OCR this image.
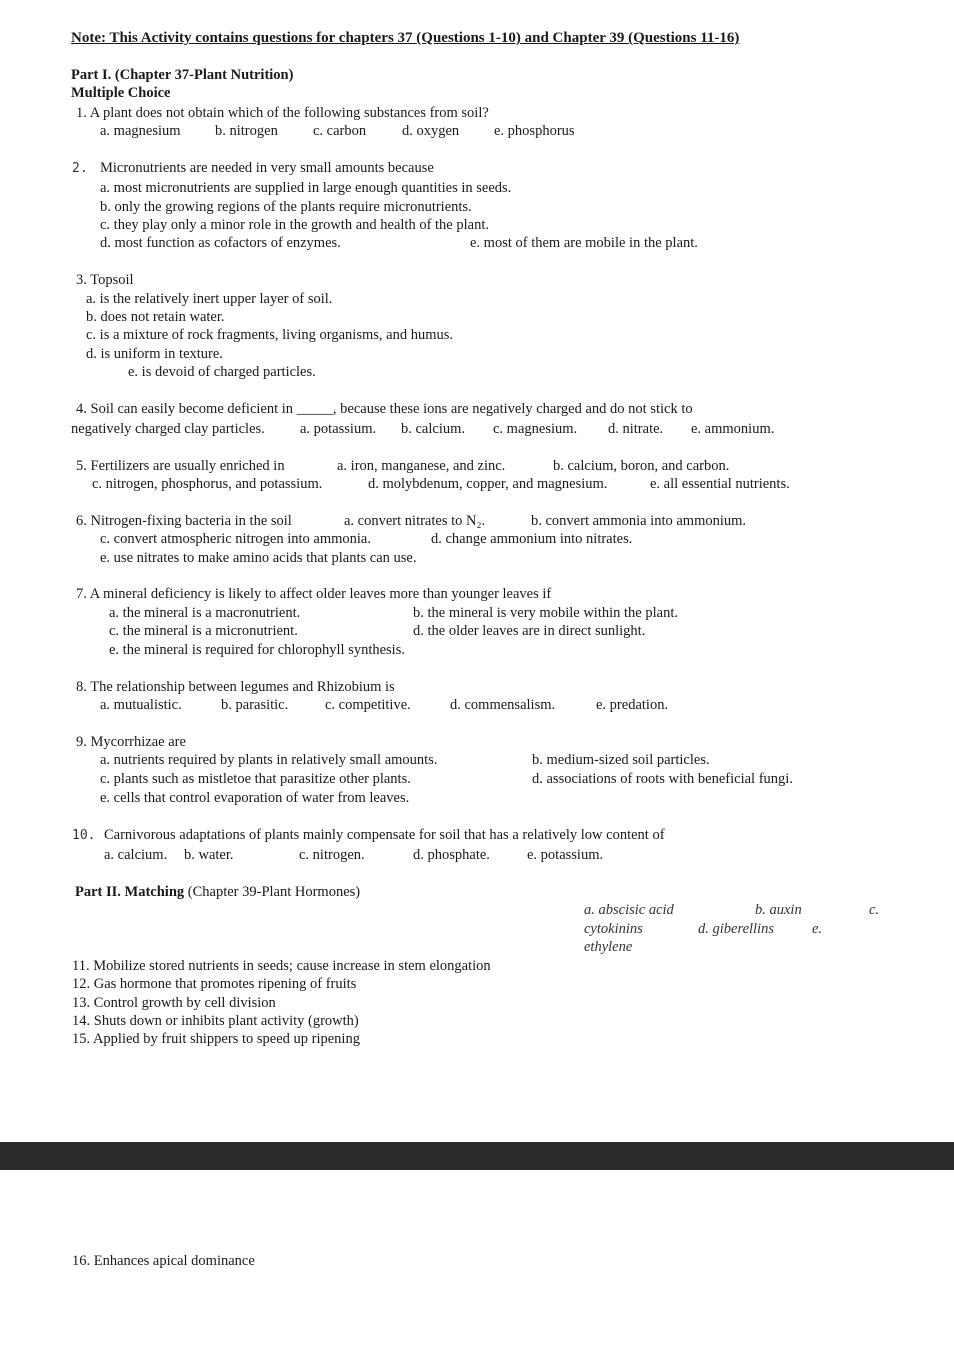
Note: This Activity contains questions for chapters 37 (Questions 1-10) and Chapter 39 (Questions 11-16)
Part I. (Chapter 37-Plant Nutrition)
Multiple Choice
1. A plant does not obtain which of the following substances from soil?
a. magnesium b. nitrogen c. carbon d. oxygen e. phosphorus
2. Micronutrients are needed in very small amounts because
a. most micronutrients are supplied in large enough quantities in seeds.
b. only the growing regions of the plants require micronutrients.
c. they play only a minor role in the growth and health of the plant.
d. most function as cofactors of enzymes.	e. most of them are mobile in the plant.
3. Topsoil
a. is the relatively inert upper layer of soil.
b. does not retain water.
c. is a mixture of rock fragments, living organisms, and humus.
d. is uniform in texture.
e. is devoid of charged particles.
4. Soil can easily become deficient in _____, because these ions are negatively charged and do not stick to
negatively charged clay particles. a. potassium. b. calcium. c. magnesium. d. nitrate. e. ammonium.
5. Fertilizers are usually enriched in	a. iron, manganese, and zinc.	b. calcium, boron, and carbon.
c. nitrogen, phosphorus, and potassium.	d. molybdenum, copper, and magnesium.	e. all essential nutrients.
6. Nitrogen-fixing bacteria in the soil	a. convert nitrates to N₂.	b. convert ammonia into ammonium.
c. convert atmospheric nitrogen into ammonia.	d. change ammonium into nitrates.
e. use nitrates to make amino acids that plants can use.
7. A mineral deficiency is likely to affect older leaves more than younger leaves if
a. the mineral is a macronutrient.	b. the mineral is very mobile within the plant.
c. the mineral is a micronutrient.	d. the older leaves are in direct sunlight.
e. the mineral is required for chlorophyll synthesis.
8. The relationship between legumes and Rhizobium is
a. mutualistic.	b. parasitic.	c. competitive.	d. commensalism.	e. predation.
9. Mycorrhizae are
a. nutrients required by plants in relatively small amounts.	b. medium-sized soil particles.
c. plants such as mistletoe that parasitize other plants.	d. associations of roots with beneficial fungi.
e. cells that control evaporation of water from leaves.
10. Carnivorous adaptations of plants mainly compensate for soil that has a relatively low content of
a. calcium. b. water.	c. nitrogen.	d. phosphate.	e. potassium.
Part II. Matching (Chapter 39-Plant Hormones)
a. abscisic acid	b. auxin	c.
cytokinins	d. giberellins	e.
ethylene
11. Mobilize stored nutrients in seeds; cause increase in stem elongation
12. Gas hormone that promotes ripening of fruits
13. Control growth by cell division
14. Shuts down or inhibits plant activity (growth)
15. Applied by fruit shippers to speed up ripening
16. Enhances apical dominance
